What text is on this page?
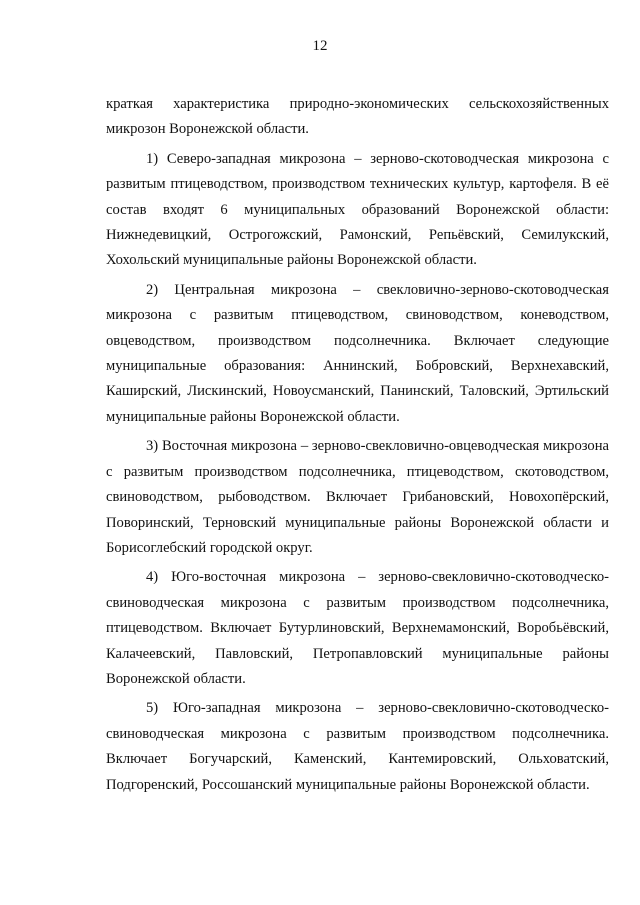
12

краткая характеристика природно-экономических сельскохозяйственных микрозон Воронежской области.

1) Северо-западная микрозона – зерново-скотоводческая микрозона с развитым птицеводством, производством технических культур, картофеля. В её состав входят 6 муниципальных образований Воронежской области: Нижнедевицкий, Острогожский, Рамонский, Репьёвский, Семилукский, Хохольский муниципальные районы Воронежской области.

2) Центральная микрозона – свекловично-зерново-скотоводческая микрозона с развитым птицеводством, свиноводством, коневодством, овцеводством, производством подсолнечника. Включает следующие муниципальные образования: Аннинский, Бобровский, Верхнехавский, Каширский, Лискинский, Новоусманский, Панинский, Таловский, Эртильский муниципальные районы Воронежской области.

3) Восточная микрозона – зерново-свекловично-овцеводческая микрозона с развитым производством подсолнечника, птицеводством, скотоводством, свиноводством, рыбоводством. Включает Грибановский, Новохопёрский, Поворинский, Терновский муниципальные районы Воронежской области и Борисоглебский городской округ.

4) Юго-восточная микрозона – зерново-свекловично-скотоводческо-свиноводческая микрозона с развитым производством подсолнечника, птицеводством. Включает Бутурлиновский, Верхнемамонский, Воробьёвский, Калачеевский, Павловский, Петропавловский муниципальные районы Воронежской области.

5) Юго-западная микрозона – зерново-свекловично-скотоводческо-свиноводческая микрозона с развитым производством подсолнечника. Включает Богучарский, Каменский, Кантемировский, Ольховатский, Подгоренский, Россошанский муниципальные районы Воронежской области.
